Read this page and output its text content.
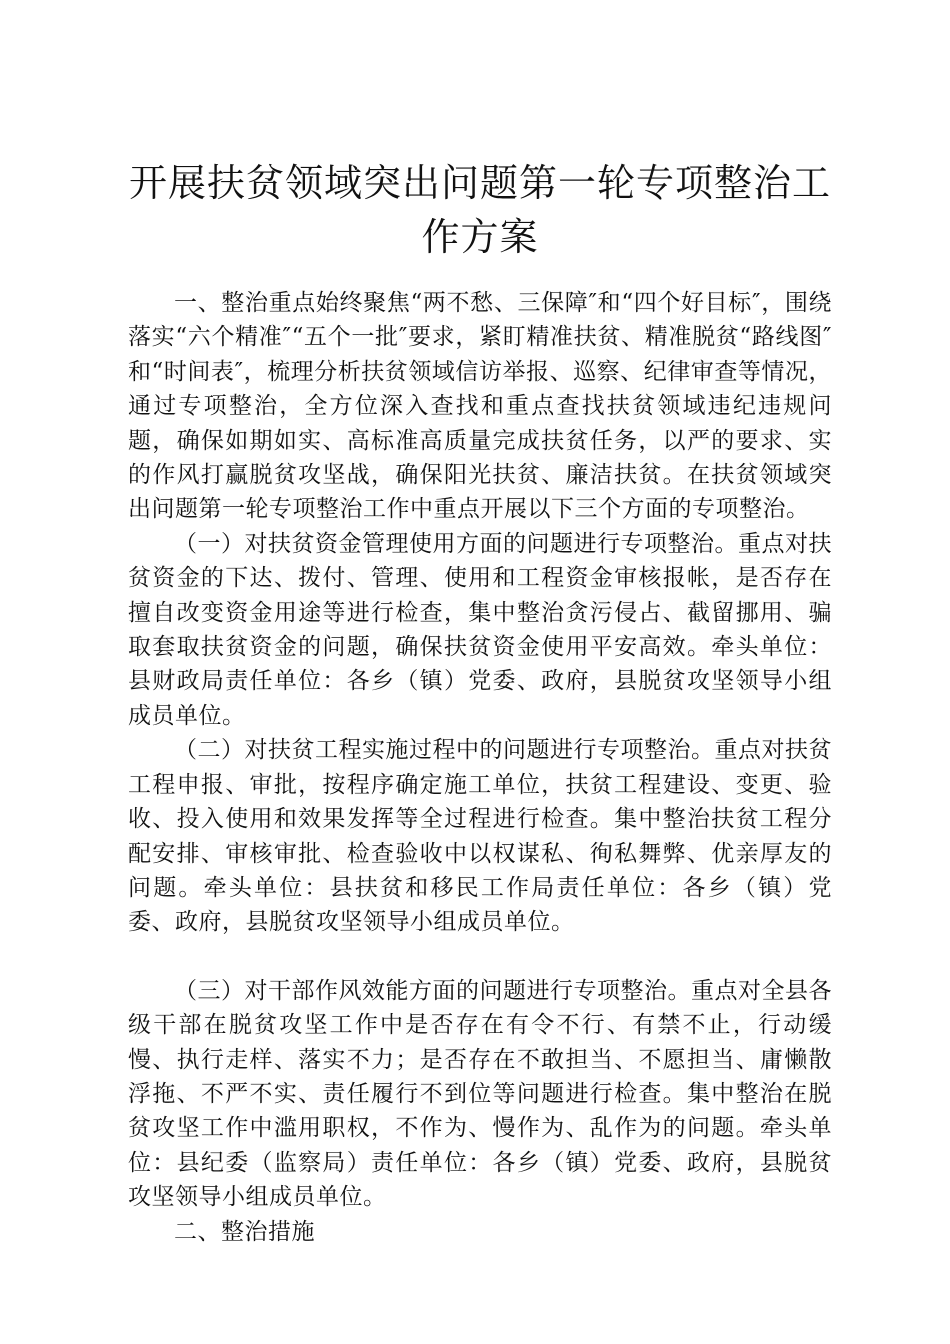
开展扶贫领域突出问题第一轮专项整治工作方案

一、整治重点始终聚焦“两不愁、三保障″和“四个好目标″，围绕落实“六个精准″“五个一批″要求，紧盯精准扶贫、精准脱贫“路线图″和“时间表″，梳理分析扶贫领域信访举报、巡察、纪律审查等情况，通过专项整治，全方位深入查找和重点查找扶贫领域违纪违规问题，确保如期如实、高标准高质量完成扶贫任务，以严的要求、实的作风打赢脱贫攻坚战，确保阳光扶贫、廉洁扶贫。在扶贫领域突出问题第一轮专项整治工作中重点开展以下三个方面的专项整治。

（一）对扶贫资金管理使用方面的问题进行专项整治。重点对扶贫资金的下达、拨付、管理、使用和工程资金审核报帐，是否存在擅自改变资金用途等进行检查，集中整治贪污侵占、截留挪用、骗取套取扶贫资金的问题，确保扶贫资金使用平安高效。牵头单位：县财政局责任单位：各乡（镇）党委、政府，县脱贫攻坚领导小组成员单位。

（二）对扶贫工程实施过程中的问题进行专项整治。重点对扶贫工程申报、审批，按程序确定施工单位，扶贫工程建设、变更、验收、投入使用和效果发挥等全过程进行检查。集中整治扶贫工程分配安排、审核审批、检查验收中以权谋私、徇私舞弊、优亲厚友的问题。牵头单位：县扶贫和移民工作局责任单位：各乡（镇）党委、政府，县脱贫攻坚领导小组成员单位。

（三）对干部作风效能方面的问题进行专项整治。重点对全县各级干部在脱贫攻坚工作中是否存在有令不行、有禁不止，行动缓慢、执行走样、落实不力；是否存在不敢担当、不愿担当、庸懒散浮拖、不严不实、责任履行不到位等问题进行检查。集中整治在脱贫攻坚工作中滥用职权，不作为、慢作为、乱作为的问题。牵头单位：县纪委（监察局）责任单位：各乡（镇）党委、政府，县脱贫攻坚领导小组成员单位。

二、整治措施
